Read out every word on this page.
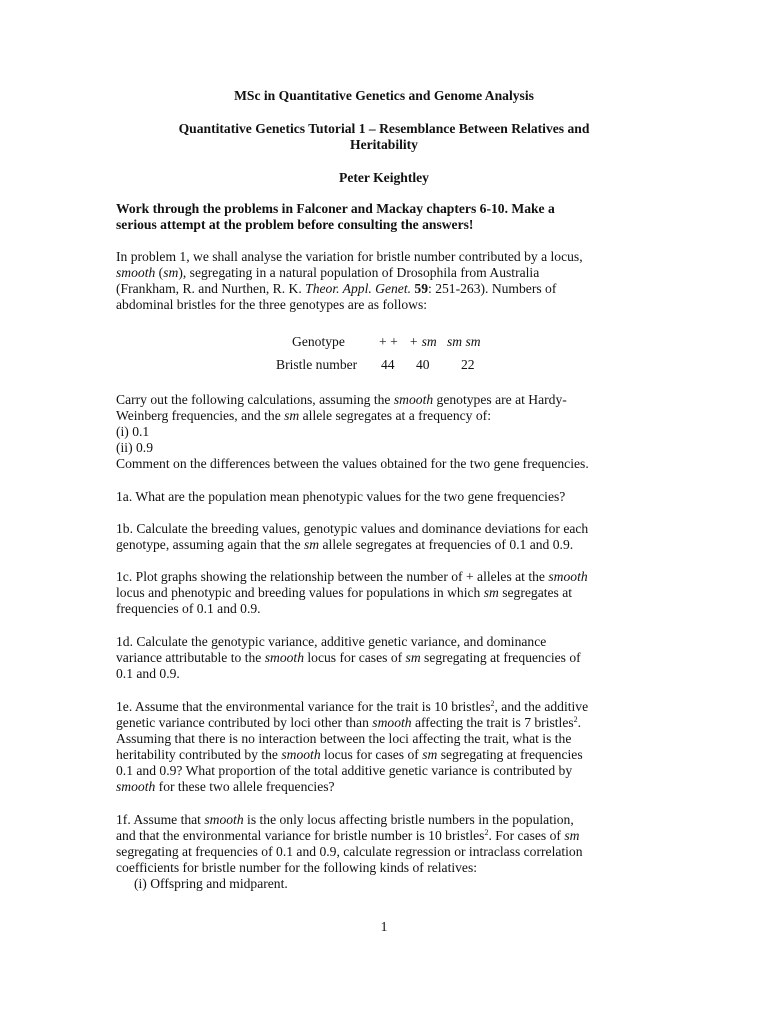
MSc in Quantitative Genetics and Genome Analysis
Quantitative Genetics Tutorial 1 – Resemblance Between Relatives and
Heritability
Peter Keightley
Work through the problems in Falconer and Mackay chapters 6-10. Make a
serious attempt at the problem before consulting the answers!
In problem 1, we shall analyse the variation for bristle number contributed by a locus,
smooth (sm), segregating in a natural population of Drosophila from Australia
(Frankham, R. and Nurthen, R. K. Theor. Appl. Genet. 59: 251-263). Numbers of
abdominal bristles for the three genotypes are as follows:
Genotype	+ + + sm sm sm
Bristle number 44 40 22
Carry out the following calculations, assuming the smooth genotypes are at Hardy-
Weinberg frequencies, and the sm allele segregates at a frequency of:
(i) 0.1
(ii) 0.9
Comment on the differences between the values obtained for the two gene frequencies.
1a. What are the population mean phenotypic values for the two gene frequencies?
1b. Calculate the breeding values, genotypic values and dominance deviations for each
genotype, assuming again that the sm allele segregates at frequencies of 0.1 and 0.9.
1c. Plot graphs showing the relationship between the number of + alleles at the smooth
locus and phenotypic and breeding values for populations in which sm segregates at
frequencies of 0.1 and 0.9.
1d. Calculate the genotypic variance, additive genetic variance, and dominance
variance attributable to the smooth locus for cases of sm segregating at frequencies of
0.1 and 0.9.
1e. Assume that the environmental variance for the trait is 10 bristles$^2$, and the additive
genetic variance contributed by loci other than smooth affecting the trait is 7 bristles$^2$.
Assuming that there is no interaction between the loci affecting the trait, what is the
heritability contributed by the smooth locus for cases of sm segregating at frequencies
0.1 and 0.9? What proportion of the total additive genetic variance is contributed by
smooth for these two allele frequencies?
1f. Assume that smooth is the only locus affecting bristle numbers in the population,
and that the environmental variance for bristle number is 10 bristles$^2$. For cases of sm
segregating at frequencies of 0.1 and 0.9, calculate regression or intraclass correlation
coefficients for bristle number for the following kinds of relatives:
(i) Offspring and midparent.
1
